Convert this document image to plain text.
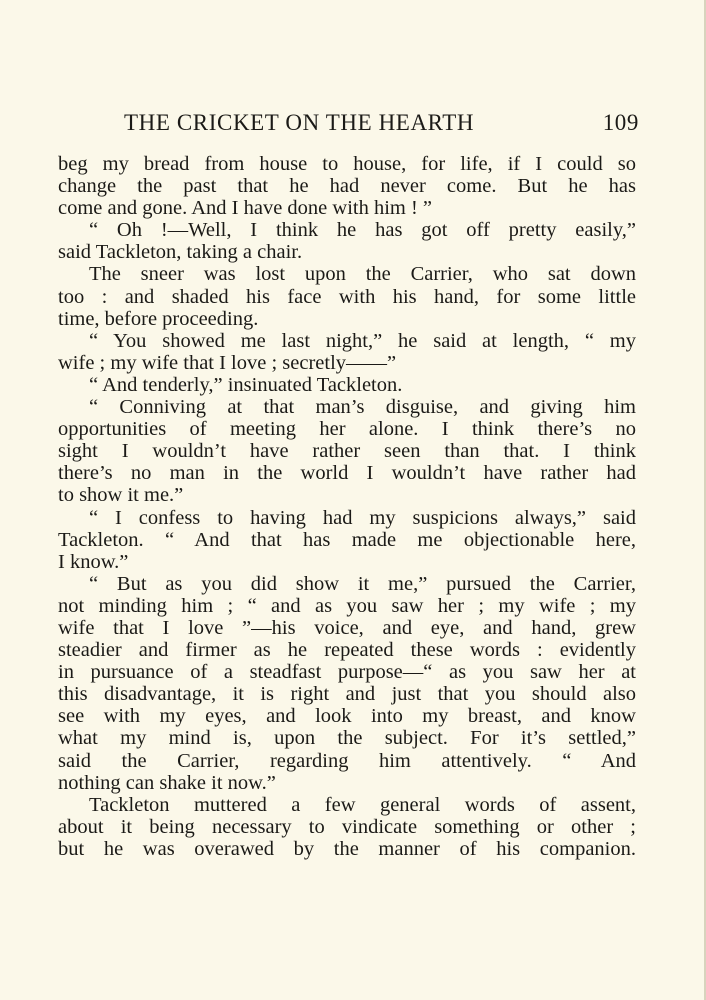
THE CRICKET ON THE HEARTH	109
beg my bread from house to house, for life, if I could so
change the past that he had never come. But he has
come and gone. And I have done with him ! ”
“ Oh !—Well, I think he has got off pretty easily,”
said Tackleton, taking a chair.
The sneer was lost upon the Carrier, who sat down
too : and shaded his face with his hand, for some little
time, before proceeding.
“ You showed me last night,” he said at length, “ my
wife ; my wife that I love ; secretly——”
“ And tenderly,” insinuated Tackleton.
“ Conniving at that man’s disguise, and giving him
opportunities of meeting her alone. I think there’s no
sight I wouldn’t have rather seen than that. I think
there’s no man in the world I wouldn’t have rather had
to show it me.”
“ I confess to having had my suspicions always,” said
Tackleton. “ And that has made me objectionable here,
I know.”
“ But as you did show it me,” pursued the Carrier,
not minding him ; “ and as you saw her ; my wife ; my
wife that I love ”—his voice, and eye, and hand, grew
steadier and firmer as he repeated these words : evidently
in pursuance of a steadfast purpose—“ as you saw her at
this disadvantage, it is right and just that you should also
see with my eyes, and look into my breast, and know
what my mind is, upon the subject. For it’s settled,”
said the Carrier, regarding him attentively. “ And
nothing can shake it now.”
Tackleton muttered a few general words of assent,
about it being necessary to vindicate something or other ;
but he was overawed by the manner of his companion.
